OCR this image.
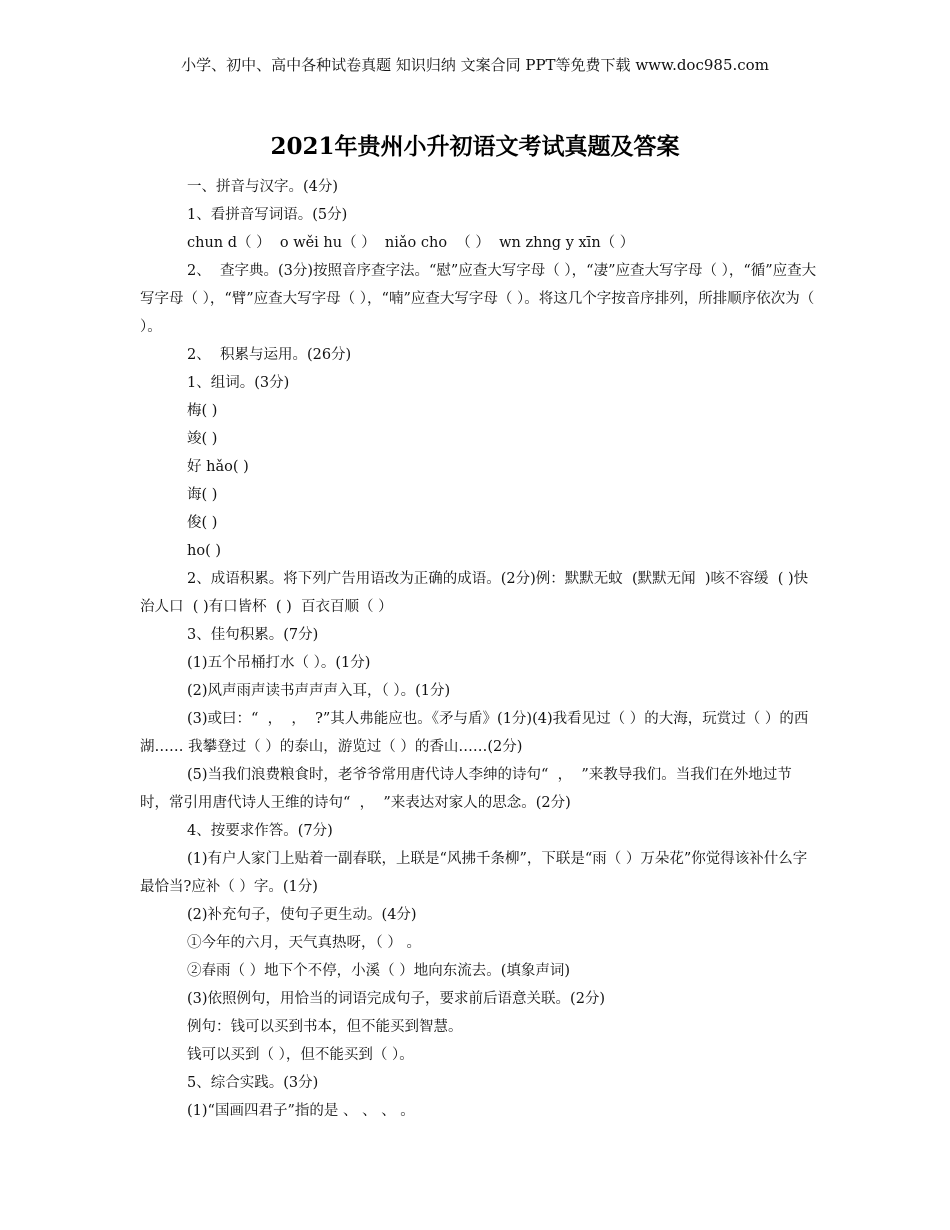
小学、初中、高中各种试卷真题 知识归纳 文案合同 PPT等免费下载 www.doc985.com
2021年贵州小升初语文考试真题及答案

一、拼音与汉字。(4分)

1、看拼音写词语。(5分)

chun d（ ）  o wěi hu（ ）  niǎo cho  （ ）  wn zhng y xīn（ ）

2、  查字典。(3分)按照音序查字法。“慰”应查大写字母（ ），“凄”应查大写字母（ ），“循”应查大写字母（ ），“臂”应查大写字母（ ），“喃”应查大写字母（ ）。将这几个字按音序排列，所排顺序依次为（ ）。

2、  积累与运用。(26分)

1、组词。(3分)

梅( )

竣( )

好 hǎo( )

诲( )

俊( )

ho( )

2、成语积累。将下列广告用语改为正确的成语。(2分)例：默默无蚊  (默默无闻  )咳不容缓  ( )快治人口  ( )有口皆杯  ( )  百衣百顺（ ）

3、佳句积累。(7分)

(1)五个吊桶打水（ ）。(1分)

(2)风声雨声读书声声声入耳，（ ）。(1分)

(3)或曰：“  ，  ，  ?”其人弗能应也。《矛与盾》(1分)(4)我看见过（ ）的大海，玩赏过（ ）的西湖…… 我攀登过（ ）的泰山，游览过（ ）的香山……(2分)

(5)当我们浪费粮食时，老爷爷常用唐代诗人李绅的诗句“  ，  ”来教导我们。当我们在外地过节时，常引用唐代诗人王维的诗句“  ，  ”来表达对家人的思念。(2分)

4、按要求作答。(7分)

(1)有户人家门上贴着一副春联，上联是“风拂千条柳”，下联是“雨（ ）万朵花”你觉得该补什么字最恰当?应补（ ）字。(1分)

(2)补充句子，使句子更生动。(4分)

①今年的六月，天气真热呀，（ ） 。

②春雨（ ）地下个不停，小溪（ ）地向东流去。(填象声词)

(3)依照例句，用恰当的词语完成句子，要求前后语意关联。(2分)

例句：钱可以买到书本，但不能买到智慧。

钱可以买到（ ），但不能买到（ ）。

5、综合实践。(3分)

(1)“国画四君子”指的是 、 、 、 。
